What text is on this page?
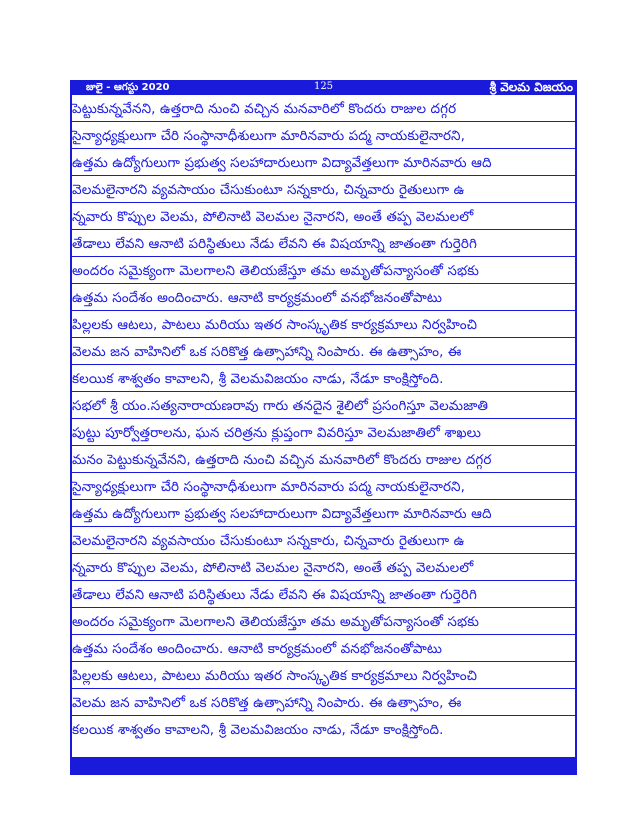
జులై - ఆగస్టు 2020	125	శ్రీ వెలమ విజయం
పెట్టుకున్నవేనని, ఉత్తరాది నుంచి వచ్చిన మనవారిలో కొందరు రాజుల దగ్గర
సైన్యాధ్యక్షులుగా చేరి సంస్థానాధీశులుగా మారినవారు పద్మ నాయకులైనారని,
ఉత్తమ ఉద్యోగులుగా ప్రభుత్వ సలహాదారులుగా విద్యావేత్తలుగా మారినవారు ఆది
వెలమలైనారని వ్యవసాయం చేసుకుంటూ సన్నకారు, చిన్నవారు రైతులుగా ఉ
న్నవారు కొప్పుల వెలమ, పోలినాటి వెలమల నైనారని, అంతే తప్ప వెలమలలో
తేడాలు లేవని ఆనాటి పరిస్థితులు నేడు లేవని ఈ విషయాన్ని జాతంతా గుర్తెరిగి
అందరం సమైక్యంగా మెలగాలని తెలియజేస్తూ తమ అమృతోపన్యాసంతో సభకు
ఉత్తమ సందేశం అందించారు. ఆనాటి కార్యక్రమంలో వనభోజనంతోపాటు
పిల్లలకు ఆటలు, పాటలు మరియు ఇతర సాంస్కృతిక కార్యక్రమాలు నిర్వహించి
వెలమ జన వాహినిలో ఒక సరికొత్త ఉత్సాహాన్ని నింపారు. ఈ ఉత్సాహం, ఈ
కలయిక శాశ్వతం కావాలని, శ్రీ వెలమవిజయం నాడు, నేడూ కాంక్షిస్తోంది.
సభలో శ్రీ యం.సత్యనారాయణరావు గారు తనదైన శైలిలో ప్రసంగిస్తూ వెలమజాతి
పుట్టు పూర్వోత్తరాలను, ఘన చరిత్రను క్లుప్తంగా వివరిస్తూ వెలమజాతిలో శాఖలు
మనం పెట్టుకున్నవేనని, ఉత్తరాది నుంచి వచ్చిన మనవారిలో కొందరు రాజుల దగ్గర
సైన్యాధ్యక్షులుగా చేరి సంస్థానాధీశులుగా మారినవారు పద్మ నాయకులైనారని,
ఉత్తమ ఉద్యోగులుగా ప్రభుత్వ సలహాదారులుగా విద్యావేత్తలుగా మారినవారు ఆది
వెలమలైనారని వ్యవసాయం చేసుకుంటూ సన్నకారు, చిన్నవారు రైతులుగా ఉ
న్నవారు కొప్పుల వెలమ, పోలినాటి వెలమల నైనారని, అంతే తప్ప వెలమలలో
తేడాలు లేవని ఆనాటి పరిస్థితులు నేడు లేవని ఈ విషయాన్ని జాతంతా గుర్తెరిగి
అందరం సమైక్యంగా మెలగాలని తెలియజేస్తూ తమ అమృతోపన్యాసంతో సభకు
ఉత్తమ సందేశం అందించారు. ఆనాటి కార్యక్రమంలో వనభోజనంతోపాటు
పిల్లలకు ఆటలు, పాటలు మరియు ఇతర సాంస్కృతిక కార్యక్రమాలు నిర్వహించి
వెలమ జన వాహినిలో ఒక సరికొత్త ఉత్సాహాన్ని నింపారు. ఈ ఉత్సాహం, ఈ
కలయిక శాశ్వతం కావాలని, శ్రీ వెలమవిజయం నాడు, నేడూ కాంక్షిస్తోంది.
